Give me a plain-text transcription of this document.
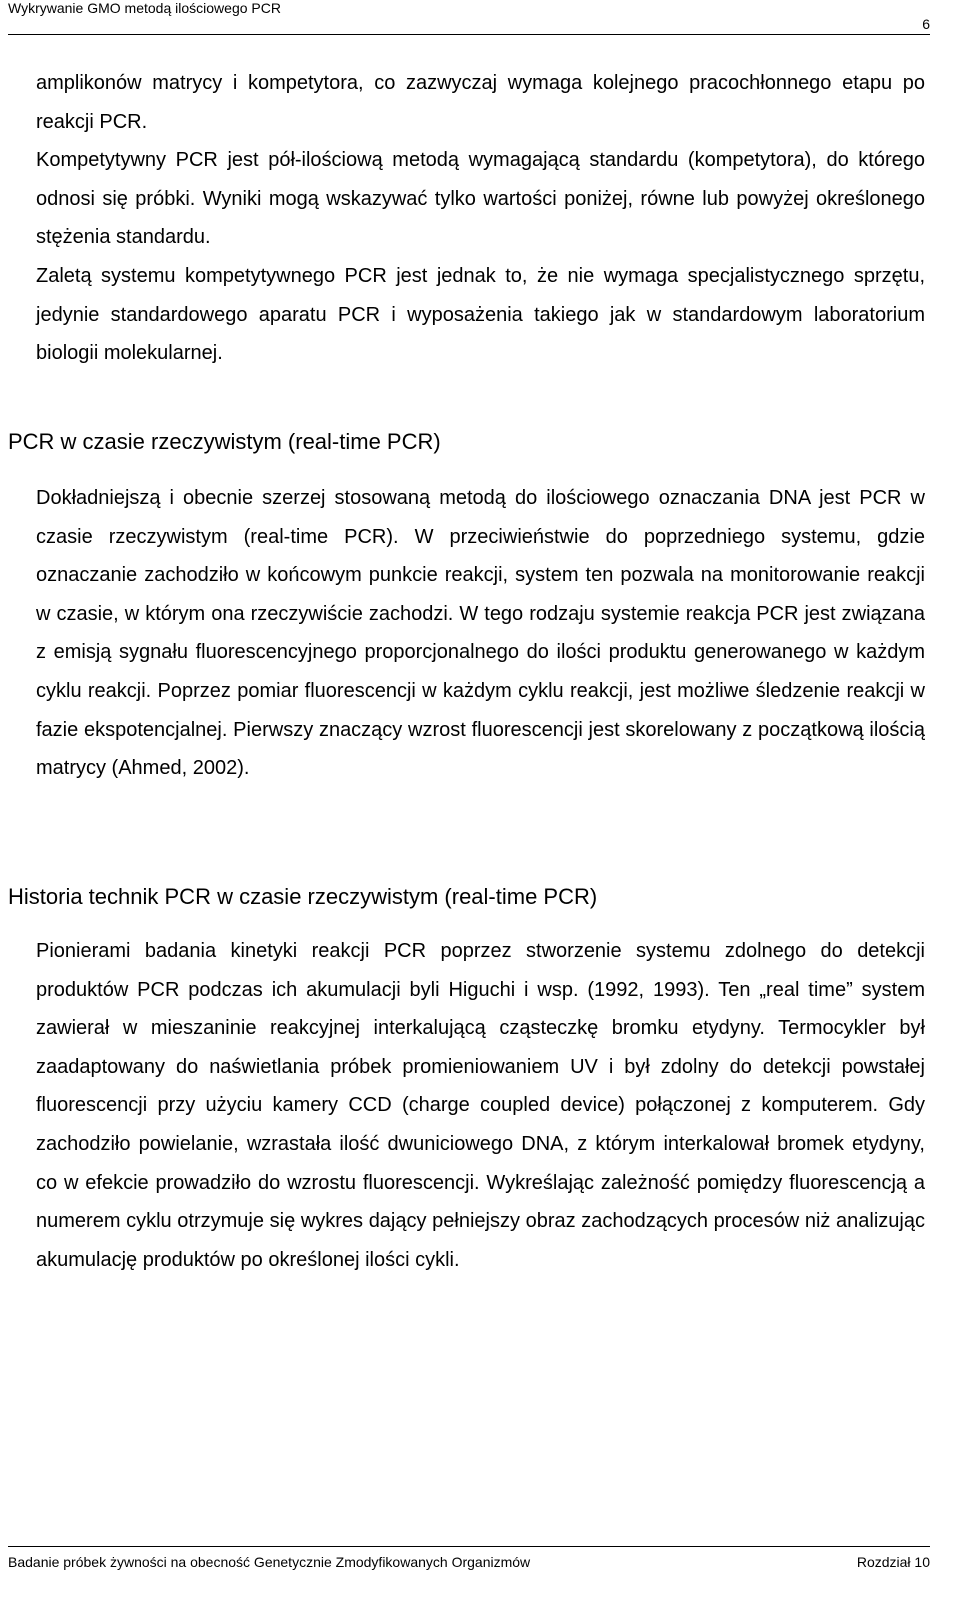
Wykrywanie GMO metodą ilościowego PCR
6

amplikonów matrycy i kompetytora, co zazwyczaj wymaga kolejnego pracochłonnego etapu po reakcji PCR.

Kompetytywny PCR jest pół-ilościową metodą wymagającą standardu (kompetytora), do którego odnosi się próbki. Wyniki mogą wskazywać tylko wartości poniżej, równe lub powyżej określonego stężenia standardu.

Zaletą systemu kompetytywnego PCR jest jednak to, że nie wymaga specjalistycznego sprzętu, jedynie standardowego aparatu PCR i wyposażenia takiego jak w standardowym laboratorium biologii molekularnej.

PCR w czasie rzeczywistym (real-time PCR)

Dokładniejszą i obecnie szerzej stosowaną metodą do ilościowego oznaczania DNA jest PCR w czasie rzeczywistym (real-time PCR). W przeciwieństwie do poprzedniego systemu, gdzie oznaczanie zachodziło w końcowym punkcie reakcji, system ten pozwala na monitorowanie reakcji w czasie, w którym ona rzeczywiście zachodzi. W tego rodzaju systemie reakcja PCR jest związana z emisją sygnału fluorescencyjnego proporcjonalnego do ilości produktu generowanego w każdym cyklu reakcji. Poprzez pomiar fluorescencji w każdym cyklu reakcji, jest możliwe śledzenie reakcji w fazie ekspotencjalnej. Pierwszy znaczący wzrost fluorescencji jest skorelowany z początkową ilością matrycy (Ahmed, 2002).

Historia technik PCR w czasie rzeczywistym (real-time PCR)

Pionierami badania kinetyki reakcji PCR poprzez stworzenie systemu zdolnego do detekcji produktów PCR podczas ich akumulacji byli Higuchi i wsp. (1992, 1993). Ten „real time” system zawierał w mieszaninie reakcyjnej interkalującą cząsteczkę bromku etydyny. Termocykler był zaadaptowany do naświetlania próbek promieniowaniem UV i był zdolny do detekcji powstałej fluorescencji przy użyciu kamery CCD (charge coupled device) połączonej z komputerem. Gdy zachodziło powielanie, wzrastała ilość dwuniciowego DNA, z którym interkalował bromek etydyny, co w efekcie prowadziło do wzrostu fluorescencji. Wykreślając zależność pomiędzy fluorescencją a numerem cyklu otrzymuje się wykres dający pełniejszy obraz zachodzących procesów niż analizując akumulację produktów po określonej ilości cykli.

Badanie próbek żywności na obecność Genetycznie Zmodyfikowanych Organizmów	Rozdział 10
